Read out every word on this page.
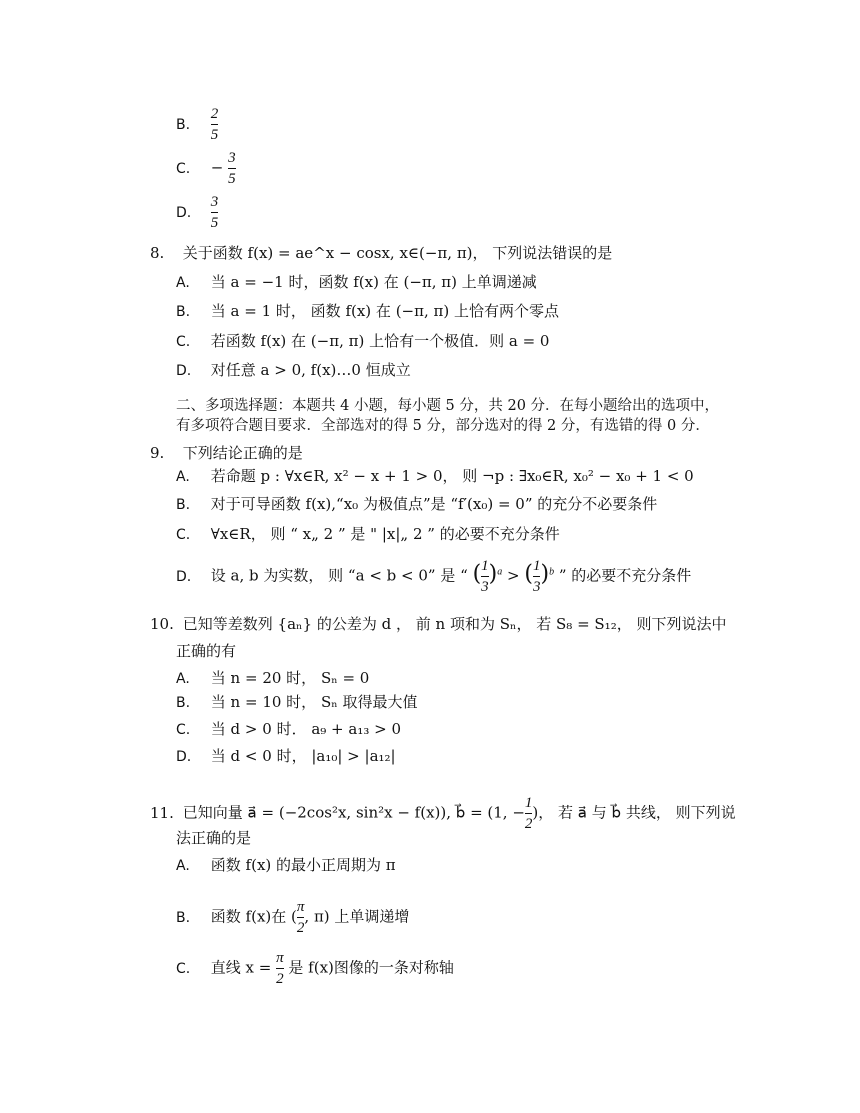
B. $\frac{2}{5}$
C. − $\frac{3}{5}$
D. $\frac{3}{5}$
8. 关于函数 f(x) = ae^x − cosx, x∈(−π, π)， 下列说法错误的是
A. 当 a = −1 时，函数 f(x) 在 (−π, π) 上单调递减
B. 当 a = 1 时， 函数 f(x) 在 (−π, π) 上恰有两个零点
C. 若函数 f(x) 在 (−π, π) 上恰有一个极值．则 a = 0
D. 对任意 a > 0, f(x)…0 恒成立
二、多项选择题：本题共 4 小题，每小题 5 分，共 20 分．在每小题给出的选项中，
有多项符合题目要求．全部选对的得 5 分，部分选对的得 2 分，有选错的得 0 分．
9. 下列结论正确的是
A. 若命题 p : ∀x∈R, x² − x + 1 > 0， 则 ¬p : ∃x₀∈R, x₀² − x₀ + 1 < 0
B. 对于可导函数 f(x),“x₀ 为极值点”是 “f′(x₀) = 0” 的充分不必要条件
C. ∀x∈R， 则 “ x„ 2 ” 是 " |x|„ 2 ” 的必要不充分条件
D. 设 a, b 为实数， 则 “a < b < 0” 是 “ ( $\frac{1}{3} )^a$ > ( $\frac{1}{3} )^b$ ” 的必要不充分条件
10. 已知等差数列 {aₙ} 的公差为 d ， 前 n 项和为 Sₙ， 若 S₈ = S₁₂， 则下列说法中
正确的有
A. 当 n = 20 时， Sₙ = 0
B. 当 n = 10 时， Sₙ 取得最大值
C. 当 d > 0 时． a₉ + a₁₃ > 0
D. 当 d < 0 时， |a₁₀| > |a₁₂|
11. 已知向量 a⃗ = (−2cos²x, sin²x − f(x)), b⃗ = (1, − $\frac{1}{2}$ )， 若 a⃗ 与 b⃗ 共线， 则下列说
法正确的是
A. 函数 f(x) 的最小正周期为 π
B. 函数 f(x)在 ( $\frac{\pi}{2}$ , π) 上单调递增
C. 直线 $x = \frac{\pi}{2}$ 是 f(x)图像的一条对称轴
